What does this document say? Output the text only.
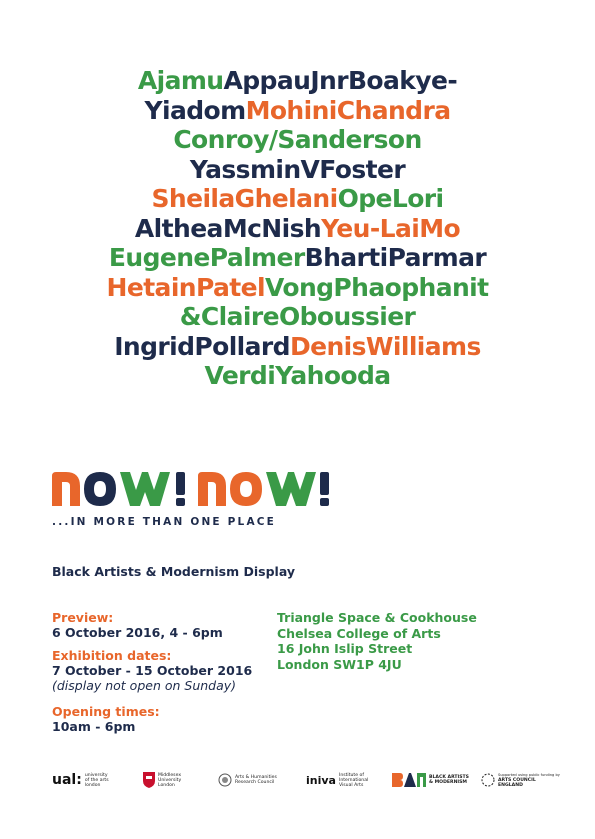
AjamuAppauJnrBoakye-
YiadomMohiniChandra
Conroy/Sanderson
YassminVFoster
SheilaGhelaniOpeLori
AltheaMcNishYeu-LaiMo
EugenePalmerBhartiParmar
HetainPatelVongPhaophanit
&ClaireOboussier
IngridPollardDenisWilliams
VerdiYahooda
...IN MORE THAN ONE PLACE
Black Artists & Modernism Display
Preview:
6 October 2016, 4 - 6pm
Exhibition dates:
7 October - 15 October 2016
(display not open on Sunday)
Opening times:
10am - 6pm
Triangle Space & Cookhouse
Chelsea College of Arts
16 John Islip Street
London SW1P 4JU
ual: university
of the arts
london
Middlesex
University
London
Arts & Humanities
Research Council	iniva Institute of
International
Visual Arts
BLACK ARTISTS
& MODERNISM
Supported using public funding by
ARTS COUNCIL
ENGLAND
